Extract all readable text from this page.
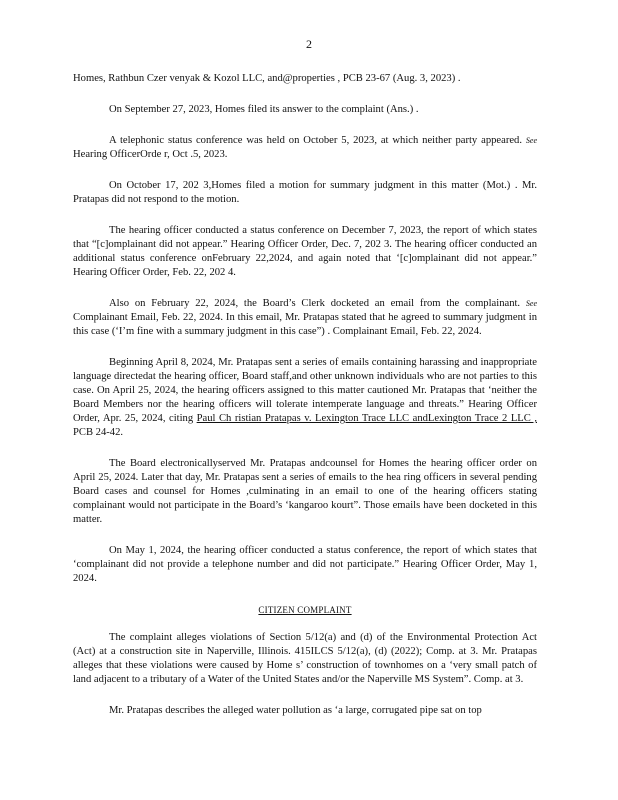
2

Homes, Rathbun Czer venyak & Kozol LLC, and@properties , PCB 23-67 (Aug. 3, 2023) .

On September 27, 2023, Homes filed its answer to the complaint (Ans.) .

A telephonic status conference was held on October 5, 2023, at which neither party appeared. See Hearing OfficerOrde r, Oct .5, 2023.

On October 17, 202 3,Homes filed a motion for summary judgment in this matter (Mot.) . Mr. Pratapas did not respond to the motion.

The hearing officer conducted a status conference on December 7, 2023, the report of which states that “[c]omplainant did not appear.” Hearing Officer Order, Dec. 7, 202 3. The hearing officer conducted an additional status conference onFebruary 22,2024, and again noted that ‘[c]omplainant did not appear.” Hearing Officer Order, Feb. 22, 202 4.

Also on February 22, 2024, the Board’s Clerk docketed an email from the complainant. See Complainant Email, Feb. 22, 2024. In this email, Mr. Pratapas stated that he agreed to summary judgment in this case (‘I’m fine with a summary judgment in this case”) . Complainant Email, Feb. 22, 2024.

Beginning April 8, 2024, Mr. Pratapas sent a series of emails containing harassing and inappropriate language directedat the hearing officer, Board staff,and other unknown individuals who are not parties to this case. On April 25, 2024, the hearing officers assigned to this matter cautioned Mr. Pratapas that ‘neither the Board Members nor the hearing officers will tolerate intemperate language and threats.” Hearing Officer Order, Apr. 25, 2024, citing Paul Ch ristian Pratapas v. Lexington Trace LLC andLexington Trace 2 LLC , PCB 24-42.

The Board electronicallyserved Mr. Pratapas andcounsel for Homes the hearing officer order on April 25, 2024. Later that day, Mr. Pratapas sent a series of emails to the hea ring officers in several pending Board cases and counsel for Homes ,culminating in an email to one of the hearing officers stating complainant would not participate in the Board’s ‘kangaroo kourt”. Those emails have been docketed in this matter.

On May 1, 2024, the hearing officer conducted a status conference, the report of which states that ‘complainant did not provide a telephone number and did not participate.” Hearing Officer Order, May 1, 2024.

CITIZEN COMPLAINT

The complaint alleges violations of Section 5/12(a) and (d) of the Environmental Protection Act (Act) at a construction site in Naperville, Illinois. 415ILCS 5/12(a), (d) (2022); Comp. at 3. Mr. Pratapas alleges that these violations were caused by Home s’ construction of townhomes on a ‘very small patch of land adjacent to a tributary of a Water of the United States and/or the Naperville MS System”. Comp. at 3.

Mr. Pratapas describes the alleged water pollution as ‘a large, corrugated pipe sat on top
